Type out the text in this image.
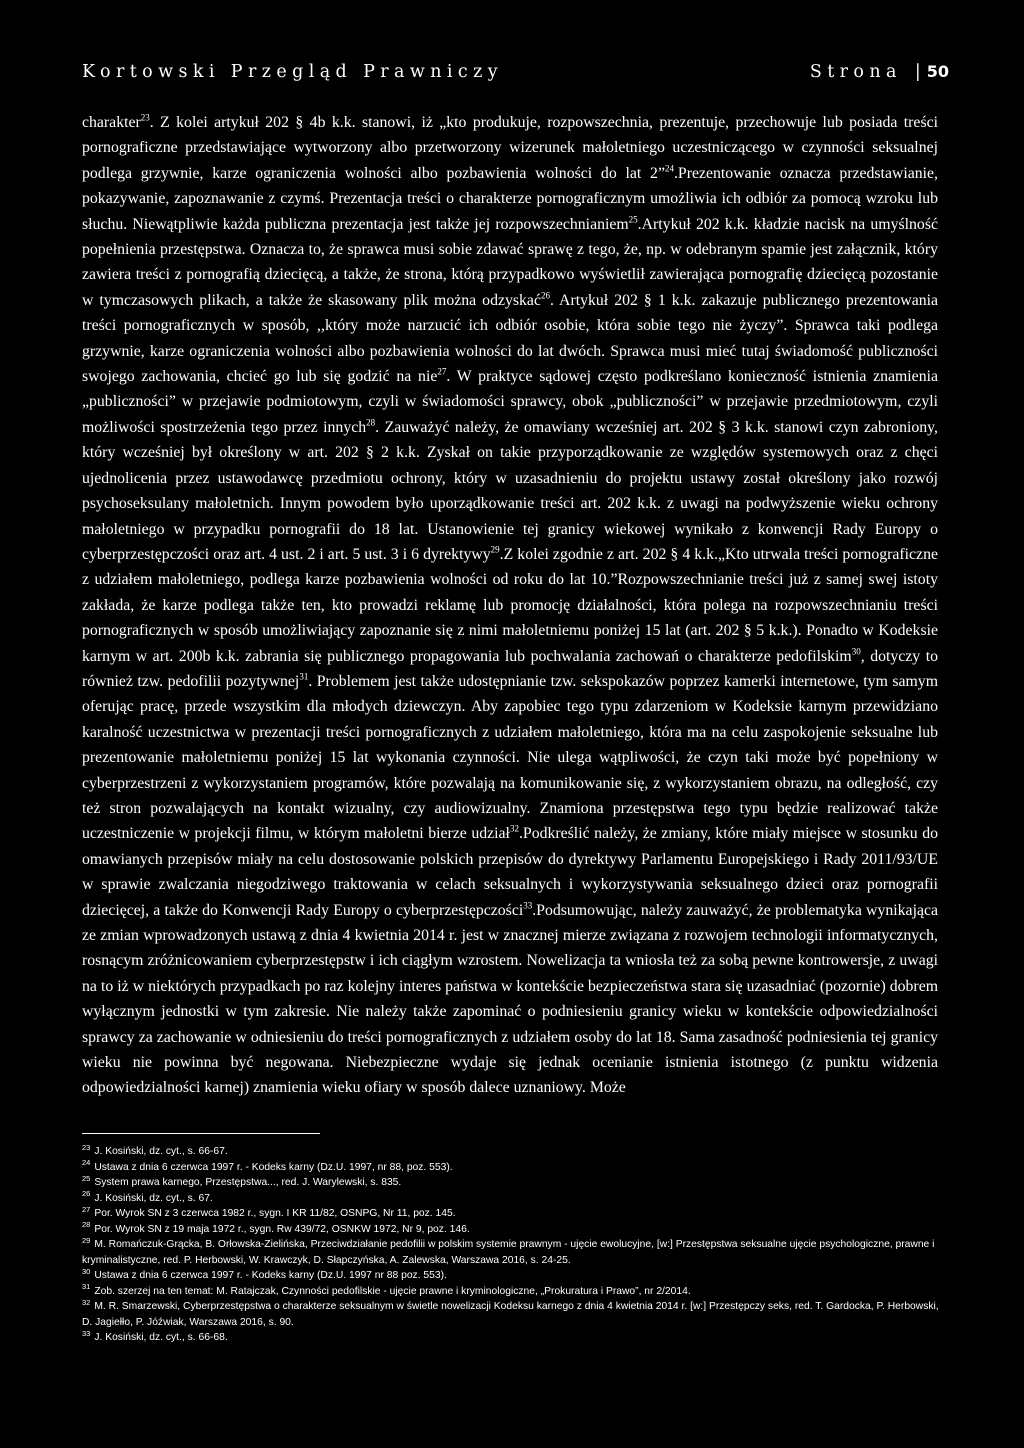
Kortowski Przegląd Prawniczy	Strona | 50

charakter$^{23}$. Z kolei artykuł 202 § 4b k.k. stanowi, iż „kto produkuje, rozpowszechnia, prezentuje, przechowuje lub posiada treści pornograficzne przedstawiające wytworzony albo przetworzony wizerunek małoletniego uczestniczącego w czynności seksualnej podlega grzywnie, karze ograniczenia wolności albo pozbawienia wolności do lat 2”$^{24}$.Prezentowanie oznacza przedstawianie, pokazywanie, zapoznawanie z czymś. Prezentacja treści o charakterze pornograficznym umożliwia ich odbiór za pomocą wzroku lub słuchu. Niewątpliwie każda publiczna prezentacja jest także jej rozpowszechnianiem$^{25}$.Artykuł 202 k.k. kładzie nacisk na umyślność popełnienia przestępstwa. Oznacza to, że sprawca musi sobie zdawać sprawę z tego, że, np. w odebranym spamie jest załącznik, który zawiera treści z pornografią dziecięcą, a także, że strona, którą przypadkowo wyświetlił zawierająca pornografię dziecięcą pozostanie w tymczasowych plikach, a także że skasowany plik można odzyskać$^{26}$. Artykuł 202 § 1 k.k. zakazuje publicznego prezentowania treści pornograficznych w sposób, ,,który może narzucić ich odbiór osobie, która sobie tego nie życzy”. Sprawca taki podlega grzywnie, karze ograniczenia wolności albo pozbawienia wolności do lat dwóch. Sprawca musi mieć tutaj świadomość publiczności swojego zachowania, chcieć go lub się godzić na nie$^{27}$. W praktyce sądowej często podkreślano konieczność istnienia znamienia „publiczności” w przejawie podmiotowym, czyli w świadomości sprawcy, obok „publiczności” w przejawie przedmiotowym, czyli możliwości spostrzeżenia tego przez innych$^{28}$. Zauważyć należy, że omawiany wcześniej art. 202 § 3 k.k. stanowi czyn zabroniony, który wcześniej był określony w art. 202 § 2 k.k. Zyskał on takie przyporządkowanie ze względów systemowych oraz z chęci ujednolicenia przez ustawodawcę przedmiotu ochrony, który w uzasadnieniu do projektu ustawy został określony jako rozwój psychoseksulany małoletnich. Innym powodem było uporządkowanie treści art. 202 k.k. z uwagi na podwyższenie wieku ochrony małoletniego w przypadku pornografii do 18 lat. Ustanowienie tej granicy wiekowej wynikało z konwencji Rady Europy o cyberprzestępczości oraz art. 4 ust. 2 i art. 5 ust. 3 i 6 dyrektywy$^{29}$.Z kolei zgodnie z art. 202 § 4 k.k.„Kto utrwala treści pornograficzne z udziałem małoletniego, podlega karze pozbawienia wolności od roku do lat 10.”Rozpowszechnianie treści już z samej swej istoty zakłada, że karze podlega także ten, kto prowadzi reklamę lub promocję działalności, która polega na rozpowszechnianiu treści pornograficznych w sposób umożliwiający zapoznanie się z nimi małoletniemu poniżej 15 lat (art. 202 § 5 k.k.). Ponadto w Kodeksie karnym w art. 200b k.k. zabrania się publicznego propagowania lub pochwalania zachowań o charakterze pedofilskim$^{30}$, dotyczy to również tzw. pedofilii pozytywnej$^{31}$. Problemem jest także udostępnianie tzw. sekspokazów poprzez kamerki internetowe, tym samym oferując pracę, przede wszystkim dla młodych dziewczyn. Aby zapobiec tego typu zdarzeniom w Kodeksie karnym przewidziano karalność uczestnictwa w prezentacji treści pornograficznych z udziałem małoletniego, która ma na celu zaspokojenie seksualne lub prezentowanie małoletniemu poniżej 15 lat wykonania czynności. Nie ulega wątpliwości, że czyn taki może być popełniony w cyberprzestrzeni z wykorzystaniem programów, które pozwalają na komunikowanie się, z wykorzystaniem obrazu, na odległość, czy też stron pozwalających na kontakt wizualny, czy audiowizualny. Znamiona przestępstwa tego typu będzie realizować także uczestniczenie w projekcji filmu, w którym małoletni bierze udział$^{32}$.Podkreślić należy, że zmiany, które miały miejsce w stosunku do omawianych przepisów miały na celu dostosowanie polskich przepisów do dyrektywy Parlamentu Europejskiego i Rady 2011/93/UE w sprawie zwalczania niegodziwego traktowania w celach seksualnych i wykorzystywania seksualnego dzieci oraz pornografii dziecięcej, a także do Konwencji Rady Europy o cyberprzestępczości$^{33}$.Podsumowując, należy zauważyć, że problematyka wynikająca ze zmian wprowadzonych ustawą z dnia 4 kwietnia 2014 r. jest w znacznej mierze związana z rozwojem technologii informatycznych, rosnącym zróżnicowaniem cyberprzestępstw i ich ciągłym wzrostem. Nowelizacja ta wniosła też za sobą pewne kontrowersje, z uwagi na to iż w niektórych przypadkach po raz kolejny interes państwa w kontekście bezpieczeństwa stara się uzasadniać (pozornie) dobrem wyłącznym jednostki w tym zakresie. Nie należy także zapominać o podniesieniu granicy wieku w kontekście odpowiedzialności sprawcy za zachowanie w odniesieniu do treści pornograficznych z udziałem osoby do lat 18. Sama zasadność podniesienia tej granicy wieku nie powinna być negowana. Niebezpieczne wydaje się jednak ocenianie istnienia istotnego (z punktu widzenia odpowiedzialności karnej) znamienia wieku ofiary w sposób dalece uznaniowy. Może

$^{23}$ J. Kosiński, dz. cyt., s. 66-67.

$^{24}$ Ustawa z dnia 6 czerwca 1997 r. - Kodeks karny (Dz.U. 1997, nr 88, poz. 553).

$^{25}$ System prawa karnego, Przestępstwa..., red. J. Warylewski, s. 835.

$^{26}$ J. Kosiński, dz. cyt., s. 67.

$^{27}$ Por. Wyrok SN z 3 czerwca 1982 r., sygn. I KR 11/82, OSNPG, Nr 11, poz. 145.

$^{28}$ Por. Wyrok SN z 19 maja 1972 r., sygn. Rw 439/72, OSNKW 1972, Nr 9, poz. 146.

$^{29}$ M. Romańczuk-Grącka, B. Orłowska-Zielińska, Przeciwdziałanie pedofilii w polskim systemie prawnym - ujęcie ewolucyjne, [w:] Przestępstwa seksualne ujęcie psychologiczne, prawne i kryminalistyczne, red. P. Herbowski, W. Krawczyk, D. Słapczyńska, A. Zalewska, Warszawa 2016, s. 24-25.

$^{30}$ Ustawa z dnia 6 czerwca 1997 r. - Kodeks karny (Dz.U. 1997 nr 88 poz. 553).

$^{31}$ Zob. szerzej na ten temat: M. Ratajczak, Czynności pedofilskie - ujęcie prawne i kryminologiczne, „Prokuratura i Prawo”, nr 2/2014.

$^{32}$ M. R. Smarzewski, Cyberprzestępstwa o charakterze seksualnym w świetle nowelizacji Kodeksu karnego z dnia 4 kwietnia 2014 r. [w:] Przestępczy seks, red. T. Gardocka, P. Herbowski, D. Jagiełło, P. Jóźwiak, Warszawa 2016, s. 90.

$^{33}$ J. Kosiński, dz. cyt., s. 66-68.
